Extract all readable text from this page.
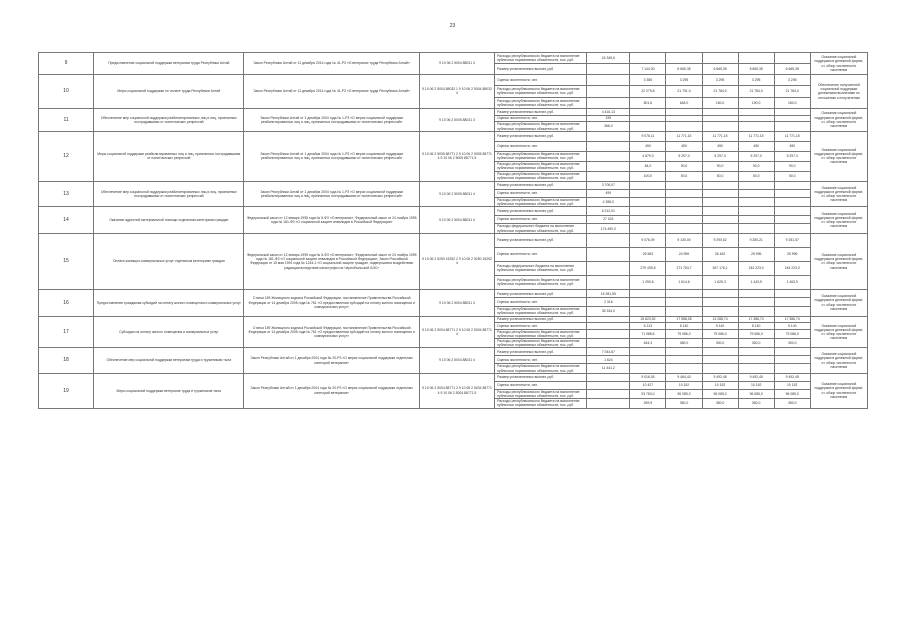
23
9	Предоставление социальной поддержки ветеранам труда Республики Алтай	Закон Республики Алтай от 11 декабря 2014 года № 41-РЗ «О ветеранах труда Республики Алтай»	9 10 06 2 5004 88031 4	Расходы республиканского бюджета на выполнение публичных нормативных обязательств, тыс. руб.	24 345,6						Оказание социальной поддержки в денежной форме, ст. обзор численности населения
				Размер установленных выплат, руб.		7 144,30	6 665,35	6 665,35	6 665,35	6 665,35	
10	Меры социальной поддержки по оплате труда Республики Алтай	Закон Республики Алтай от 11 декабря 2014 года № 41-РЗ «О ветеранах труда Республики Алтай»	9 10 06 2 5004 88032 1 9 10 06 2 5004 88032 4	Оценка численности, чел.		3 355	3 295	3 295	3 295	3 295	Обеспечение получателей социальной поддержки денежными выплатами по отношению к получателям
				Расходы республиканского бюджета на выполнение публичных нормативных обязательств, тыс. руб.		22 279,6	21 791,0	21 784,0	21 784,0	21 784,0	
				Расходы республиканского бюджета на выполнение публичных нормативных обязательств, тыс. руб.		801,6	648,0	160,0	190,0	160,0	
11	Обеспечение мер социальной поддержки реабилитированных лиц и лиц, признанных пострадавшими от политических репрессий	Закон Республики Алтай от 1 декабря 2004 года № 1-РЗ «О мерах социальной поддержки реабилитированных лиц и лиц, признанных пострадавшими от политических репрессий»	9 10 06 2 5005 88031 3	Размер установленных выплат, руб.	4 416,13						Оказание социальной поддержки в денежной форме, ст. обзор численности населения
				Оценка численности, чел.	339						
				Расходы республиканского бюджета на выполнение публичных нормативных обязательств, тыс. руб.	366,0						
12	Меры социальной поддержки реабилитированных лиц и лиц, признанных пострадавшими от политических репрессий	Закон Республики Алтай от 1 декабря 2004 года № 1-РЗ «О мерах социальной поддержки реабилитированных лиц и лиц, признанных пострадавшими от политических репрессий»	9 10 06 2 5005 88771 2 9 10 06 2 5005 88771 4 9 10 06 2 5005 88771 5	Размер установленных выплат, руб.		9 076,11	11 771,15	11 771,15	11 771,15	11 771,15	Оказание социальной поддержки в денежной форме, ст. обзор численности населения
				Оценка численности, чел.		450	450	450	450	450	
				Расходы республиканского бюджета на выполнение публичных нормативных обязательств, тыс. руб.		4 679,0	5 297,0	5 297,0	5 297,0	5 297,0	
				Расходы республиканского бюджета на выполнение публичных нормативных обязательств, тыс. руб.		84,0	90,0	90,0	90,0	90,0	
				Расходы республиканского бюджета на выполнение публичных нормативных обязательств, тыс. руб.		100,0	50,0	50,0	50,0	50,0	
13	Обеспечение мер социальной поддержки реабилитированных лиц и лиц, признанных пострадавшими от политических репрессий	Закон Республики Алтай от 1 декабря 2004 года № 1-РЗ «О мерах социальной поддержки реабилитированных лиц и лиц, признанных пострадавшими от политических репрессий»	9 10 06 2 5005 88031 4	Размер установленных выплат, руб.	3 706,07						Оказание социальной поддержки в денежной форме, ст. обзор численности населения
				Оценка численности, чел.	499						
				Расходы республиканского бюджета на выполнение публичных нормативных обязательств, тыс. руб.	4 358,0						
14	Оказание адресной материальной помощи отдельным категориям граждан	Федеральный закон от 12 января 1995 года № 5-ФЗ «О ветеранах», Федеральный закон от 24 ноября 1995 года № 181-ФЗ «О социальной защите инвалидов в Российской Федерации»	9 10 06 2 5004 88031 4	Размер установленных выплат, руб.	6 212,01						Оказание социальной поддержки в денежной форме, ст. обзор численности населения
				Оценка численности, чел.	27 024						
				Расходы федерального бюджета на выполнение публичных нормативных обязательств, тыс. руб.	174 490,0						
15	Оплата жилищно-коммунальных услуг отдельным категориям граждан	Федеральный закон от 12 января 1995 года № 5-ФЗ «О ветеранах», Федеральный закон от 24 ноября 1995 года № 181-ФЗ «О социальной защите инвалидов в Российской Федерации», Закон Российской Федерации от 15 мая 1991 года № 1244-1 «О социальной защите граждан, подвергшихся воздействию радиации вследствие катастрофы на Чернобыльской АЭС»	9 10 06 2 5250 15252 2 9 10 06 2 5250 15252 4	Размер установленных выплат, руб.		9 076,09	9 130,00	9 290,62	9 280,21	9 251,57	Оказание социальной поддержки в денежной форме, ст. обзор численности населения
				Оценка численности, чел.		26 563	24 996	26 462	25 996	25 996	
				Расходы федерального бюджета на выполнение публичных нормативных обязательств, тыс. руб.		279 439,8	271 763,7	267 176,1	244 223,0	244 223,0	
				Расходы республиканского бюджета на выполнение публичных нормативных обязательств, тыс. руб.		1 290,6	1 614,6	1 625,3	1 443,9	1 463,9	
16	Предоставление гражданам субсидий на оплату жилого помещения и коммунальных услуг	Статья 159 Жилищного кодекса Российской Федерации, постановление Правительства Российской Федерации от 14 декабря 2005 года № 761 «О предоставлении субсидий на оплату жилого помещения и коммунальных услуг»	9 10 06 2 5004 88031 4	Размер установленных выплат, руб.	15 281,55						Оказание социальной поддержки в денежной форме, ст. обзор численности населения
				Оценка численности, чел.	2 316						
				Расходы республиканского бюджета на выполнение публичных нормативных обязательств, тыс. руб.	35 334,0						
17	Субсидии на оплату жилого помещения и коммунальных услуг	Статья 159 Жилищного кодекса Российской Федерации, постановление Правительства Российской Федерации от 14 декабря 2005 года № 761 «О предоставлении субсидий на оплату жилого помещения и коммунальных услуг»	9 10 06 2 5004 88771 2 9 10 06 2 5004 88771 4	Размер установленных выплат, руб.		15 823,52	17 588,28	13 288,74	17 386,74	17 386,74	Оказание социальной поддержки в денежной форме, ст. обзор численности населения
				Оценка численности, чел.		5 213	5 140	5 140	5 140	5 140	
				Расходы республиканского бюджета на выполнение публичных нормативных обязательств, тыс. руб.		71 988,6	79 086,0	79 086,0	79 086,0	79 086,0	
				Расходы республиканского бюджета на выполнение публичных нормативных обязательств, тыс. руб.		464,3	480,0	300,0	300,0	300,0	
18	Обеспечение мер социальной поддержки ветеранам труда и труженикам тыла	Закон Республики Алтай от 1 декабря 2004 года № 20-РЗ «О мерах социальной поддержки отдельных категорий ветеранов»	9 10 06 2 5004 88031 4	Размер установленных выплат, руб.	7 044,67						Оказание социальной поддержки в денежной форме, ст. обзор численности населения
				Оценка численности, чел.	1 624						
				Расходы республиканского бюджета на выполнение публичных нормативных обязательств, тыс. руб.	11 441,2						
19	Меры социальной поддержки ветеранов труда и тружеников тыла	Закон Республики Алтай от 1 декабря 2004 года № 20-РЗ «О мерах социальной поддержки отдельных категорий ветеранов»	9 10 06 2 5004 88771 2 9 10 06 2 5004 88771 4 9 10 06 2 5004 88771 5	Размер установленных выплат, руб.		9 016,05	9 464,43	9 492,45	9 492,45	9 492,45	Оказание социальной поддержки в денежной форме, ст. обзор численности населения
				Оценка численности, чел.		10 427	10 152	10 152	10 152	10 152	
				Расходы республиканского бюджета на выполнение публичных нормативных обязательств, тыс. руб.		93 783,0	96 085,0	96 085,0	96 085,0	96 085,0	
				Расходы республиканского бюджета на выполнение публичных нормативных обязательств, тыс. руб.		289,9	350,0	350,0	350,0	350,0	
